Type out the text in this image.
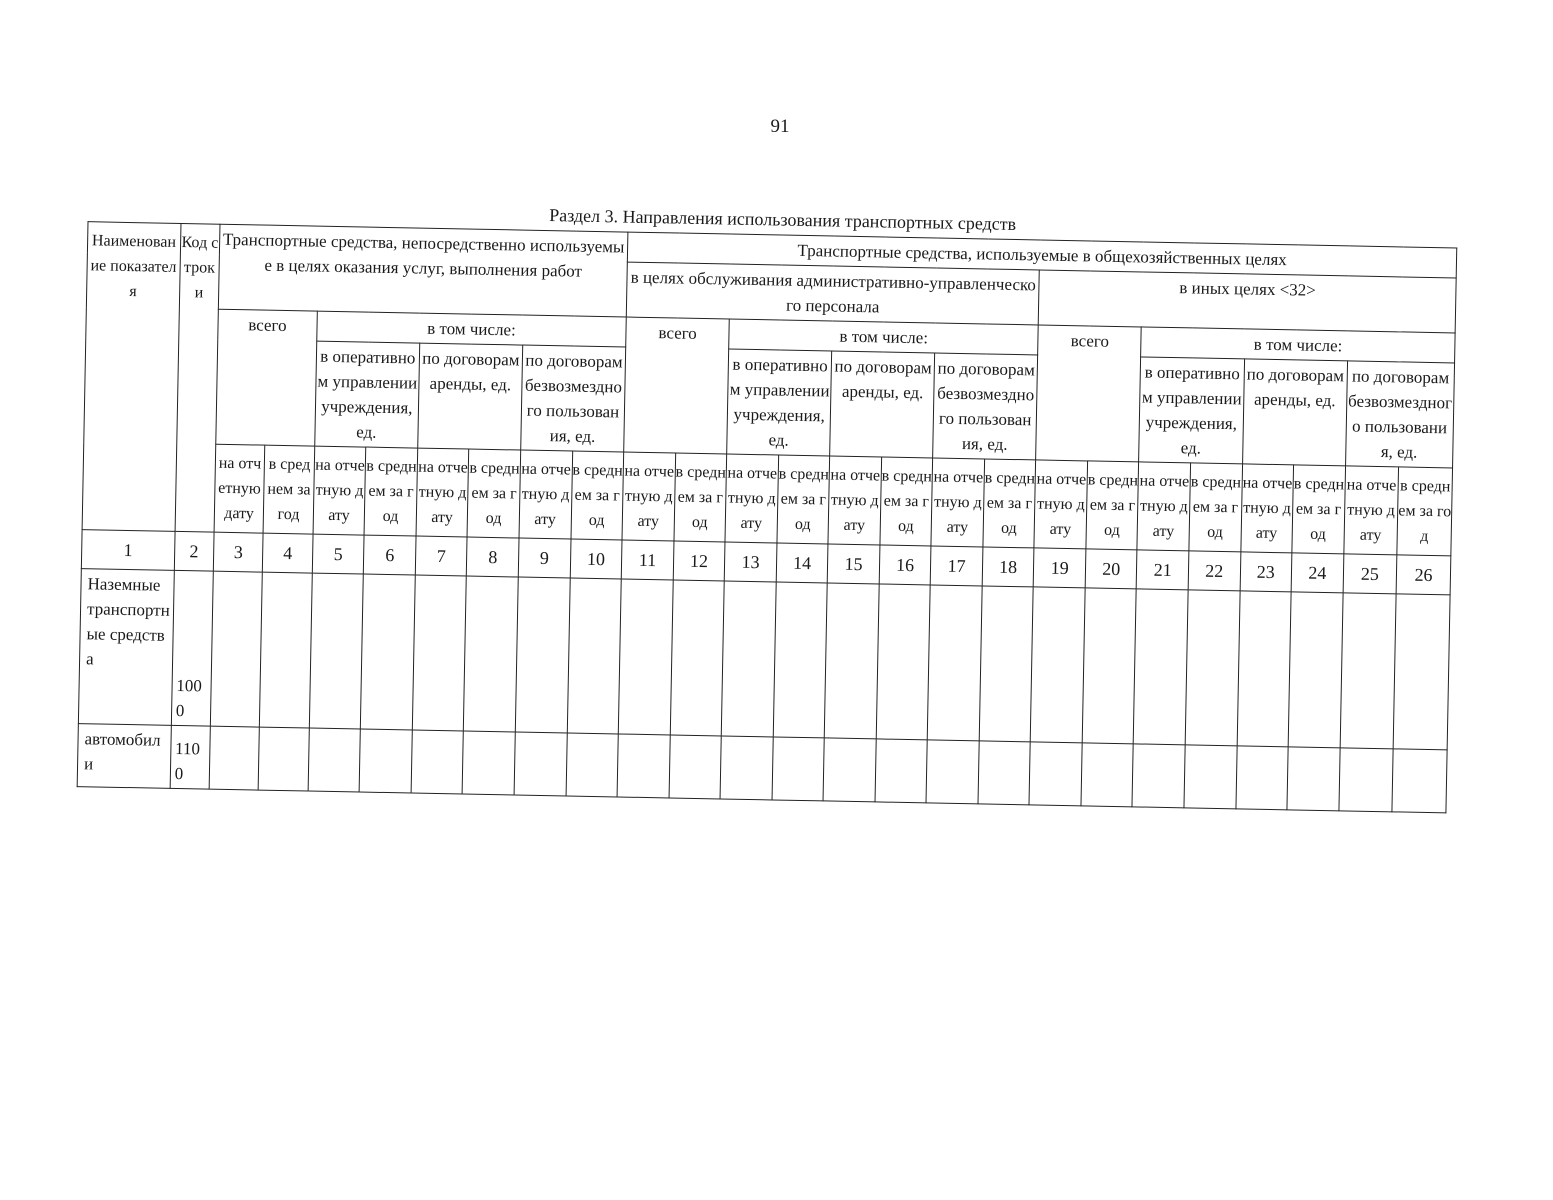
91
Раздел 3. Направления использования транспортных средств
Наименование показателя	Код строки	Транспортные средства, непосредственно используемые в целях оказания услуг, выполнения работ								Транспортные средства, используемые в общехозяйственных целях															
										в целях обслуживания административно-управленческого персонала								в иных целях <32>							
		всего		в том числе:						всего		в том числе:						всего		в том числе:					
				в оперативном управлении учреждения, ед.		по договорам аренды, ед.		по договорам безвозмездного пользования, ед.				в оперативном управлении учреждения, ед.		по договорам аренды, ед.		по договорам безвозмездного пользования, ед.				в оперативном управлении учреждения, ед.		по договорам аренды, ед.		по договорам безвозмездного пользования, ед.	
		на отчетную дату	в среднем за год	на отчетную дату	в среднем за год	на отчетную дату	в среднем за год	на отчетную дату	в среднем за год	на отчетную дату	в среднем за год	на отчетную дату	в среднем за год	на отчетную дату	в среднем за год	на отчетную дату	в среднем за год	на отчетную дату	в среднем за год	на отчетную дату	в среднем за год	на отчетную дату	в среднем за год	на отчетную дату	в среднем за год
1	2	3	4	5	6	7	8	9	10	11	12	13	14	15	16	17	18	19	20	21	22	23	24	25	26
Наземные транспортные средства	1000																								
автомобили	1100																								
